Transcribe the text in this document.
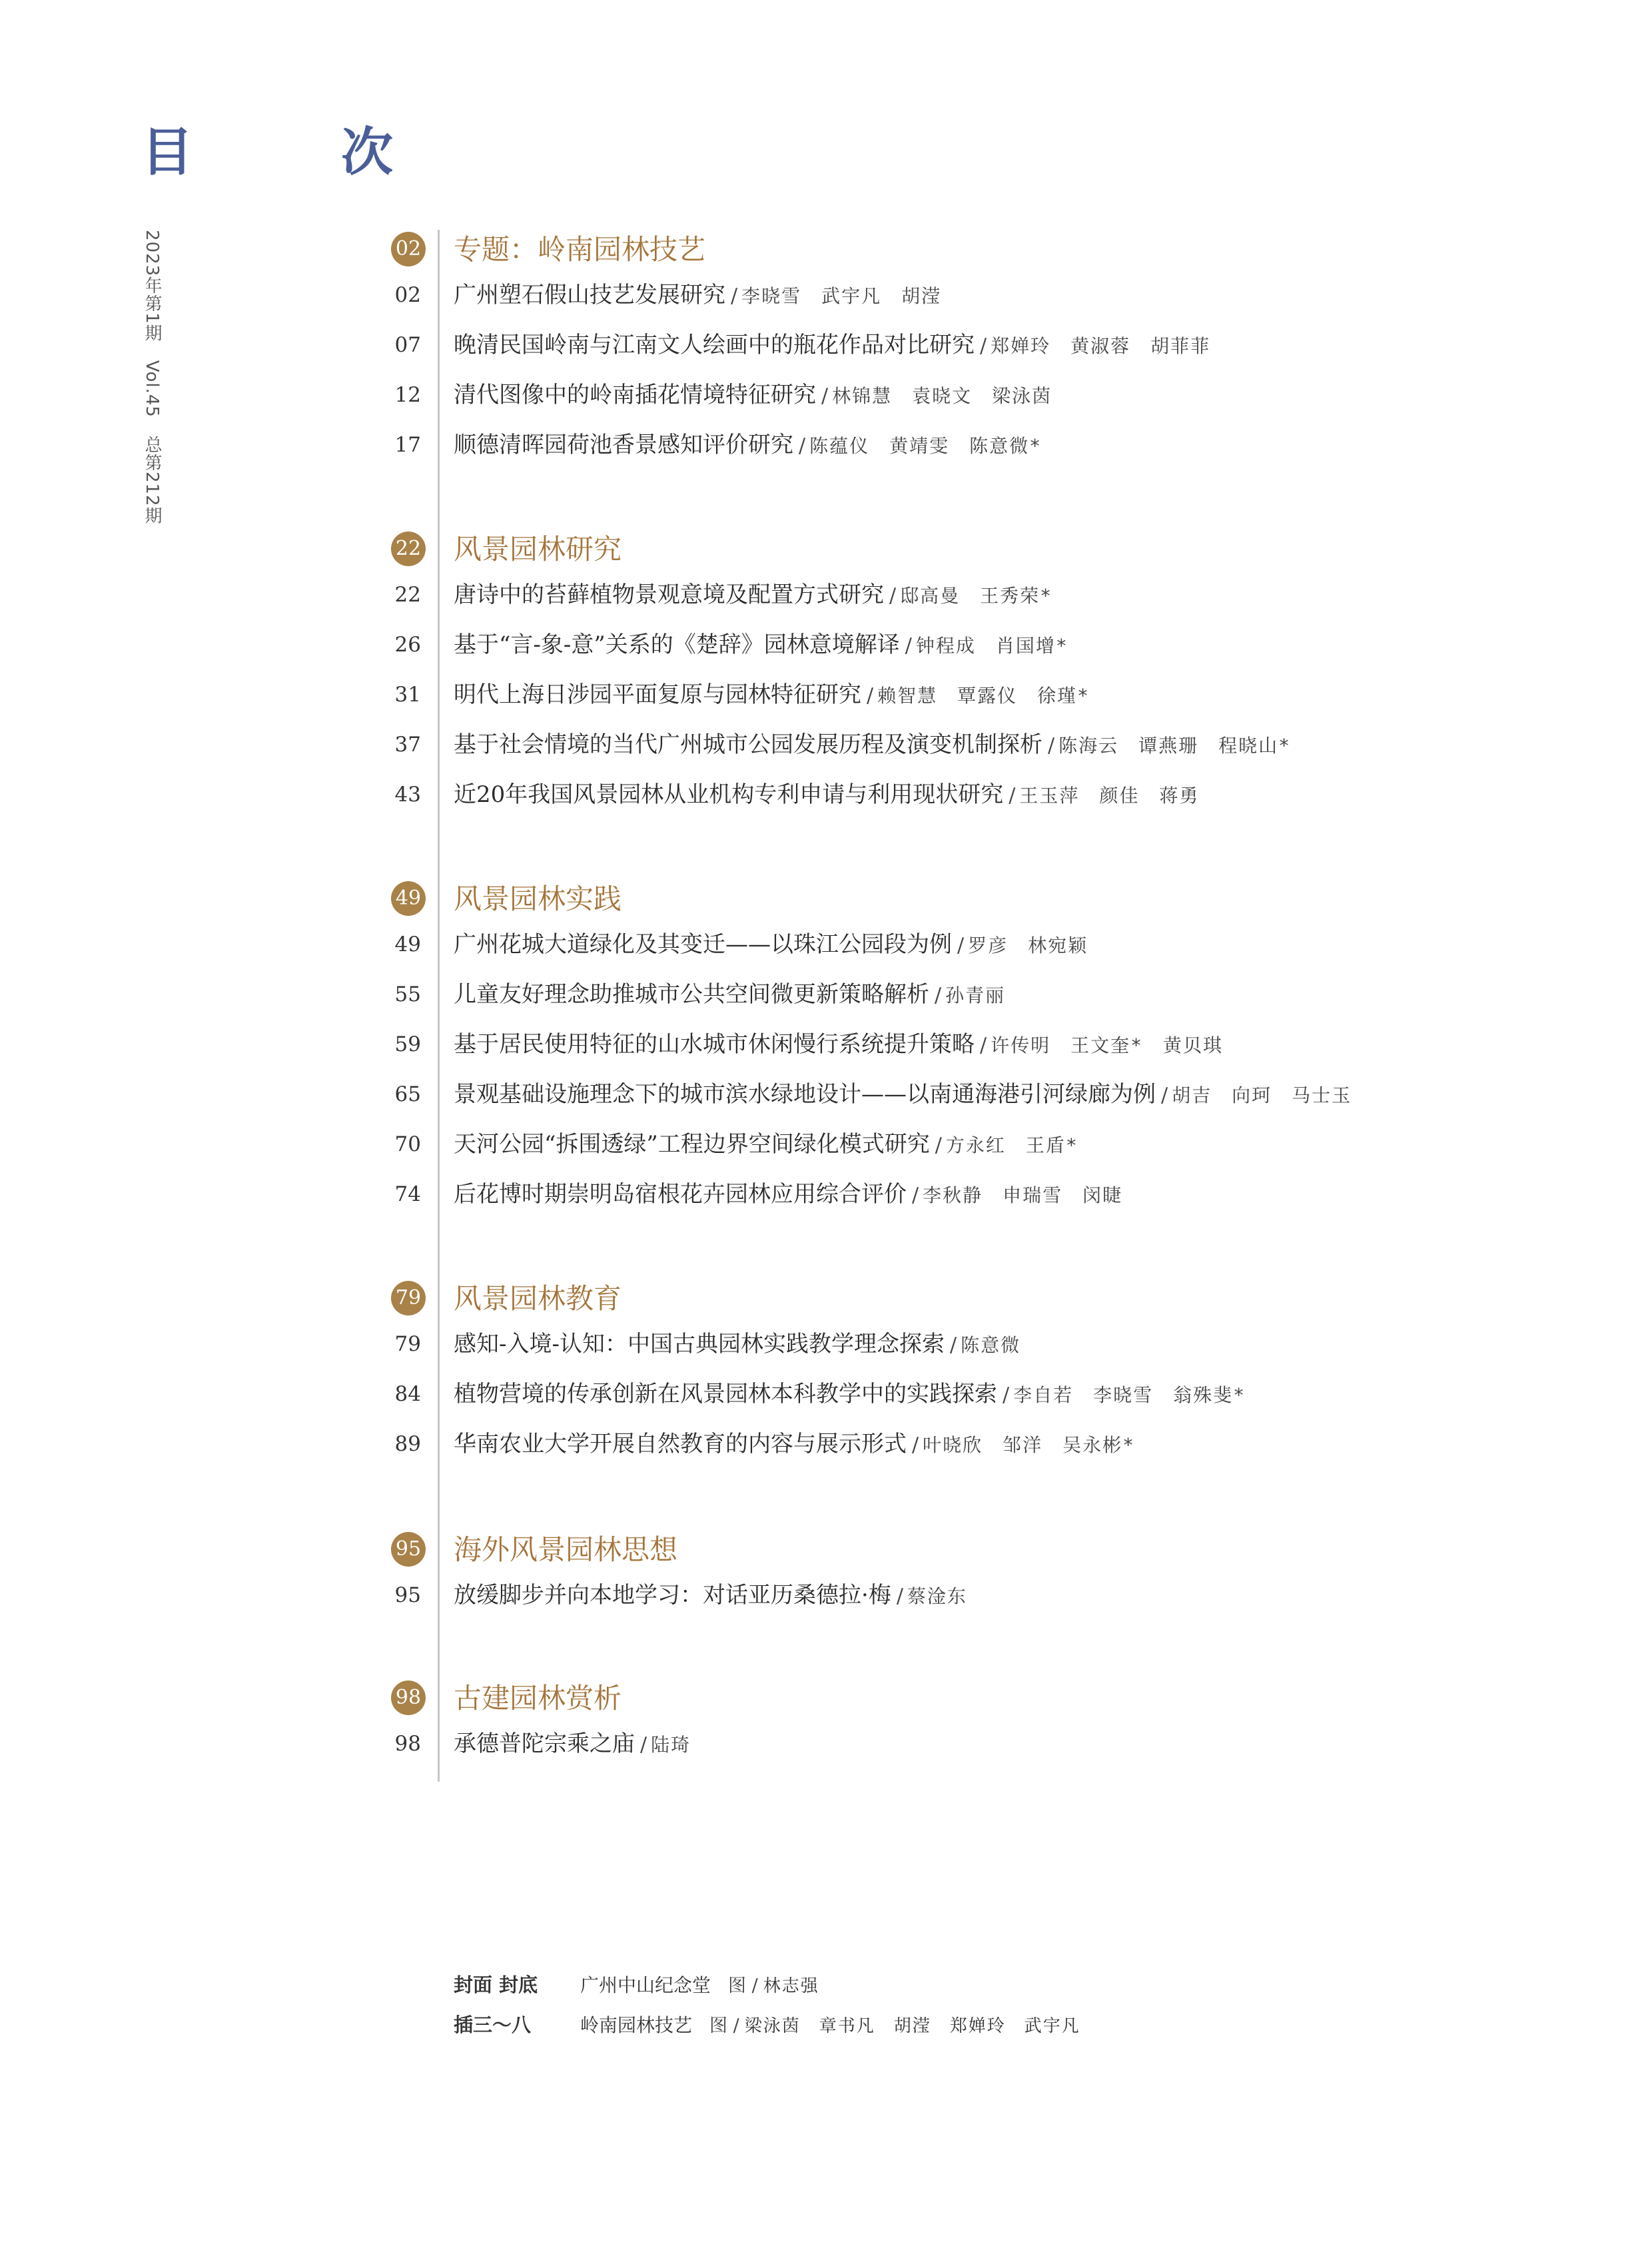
目　次
2023年第1期　Vol.45　总第212期	02 专题：岭南园林技艺
02 广州塑石假山技艺发展研究 / 李晓雪　武宇凡　胡滢
07 晚清民国岭南与江南文人绘画中的瓶花作品对比研究 / 郑婵玲　黄淑蓉　胡菲菲
12 清代图像中的岭南插花情境特征研究 / 林锦慧　袁晓文　梁泳茵
17 顺德清晖园荷池香景感知评价研究 / 陈蕴仪　黄靖雯　陈意微*
22 风景园林研究
22 唐诗中的苔藓植物景观意境及配置方式研究 / 邸高曼　王秀荣*
26 基于“言-象-意”关系的《楚辞》园林意境解译 / 钟程成　肖国增*
31 明代上海日涉园平面复原与园林特征研究 / 赖智慧　覃露仪　徐瑾*
37 基于社会情境的当代广州城市公园发展历程及演变机制探析 / 陈海云　谭燕珊　程晓山*
43 近20年我国风景园林从业机构专利申请与利用现状研究 / 王玉萍　颜佳　蒋勇
49 风景园林实践
49 广州花城大道绿化及其变迁——以珠江公园段为例 / 罗彦　林宛颖
55 儿童友好理念助推城市公共空间微更新策略解析 / 孙青丽
59 基于居民使用特征的山水城市休闲慢行系统提升策略 / 许传明　王文奎*　黄贝琪
65 景观基础设施理念下的城市滨水绿地设计——以南通海港引河绿廊为例 / 胡吉　向珂　马士玉
70 天河公园“拆围透绿”工程边界空间绿化模式研究 / 方永红　王盾*
74 后花博时期崇明岛宿根花卉园林应用综合评价 / 李秋静　申瑞雪　闵睫
79 风景园林教育
79 感知-入境-认知：中国古典园林实践教学理念探索 / 陈意微
84 植物营境的传承创新在风景园林本科教学中的实践探索 / 李自若　李晓雪　翁殊斐*
89 华南农业大学开展自然教育的内容与展示形式 / 叶晓欣　邹洋　吴永彬*
95 海外风景园林思想
95 放缓脚步并向本地学习：对话亚历桑德拉·梅 / 蔡淦东
98 古建园林赏析
98 承德普陀宗乘之庙 / 陆琦
封面 封底 广州中山纪念堂 图 / 林志强
插三～八	岭南园林技艺 图 / 梁泳茵　章书凡　胡滢　郑婵玲　武宇凡
